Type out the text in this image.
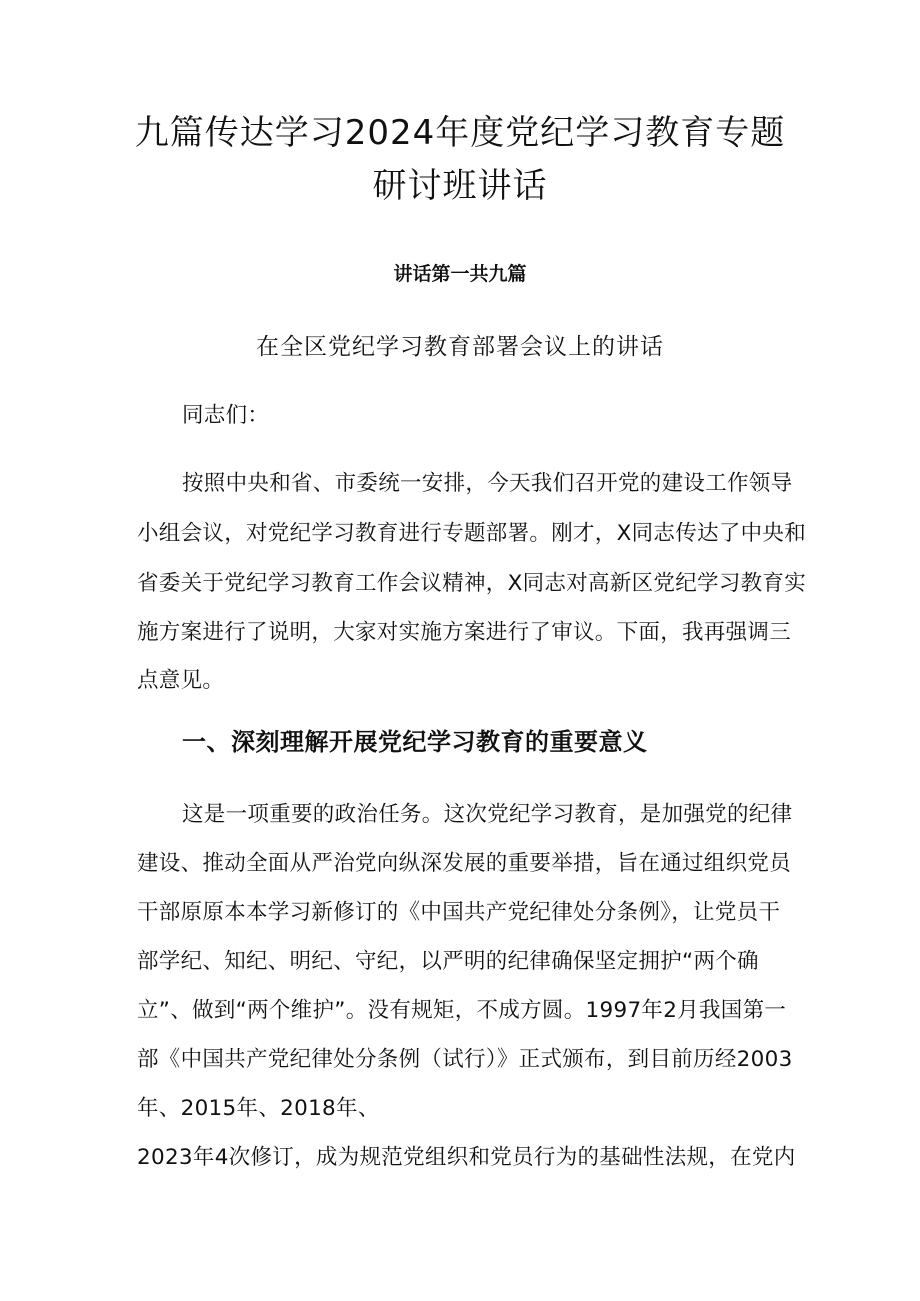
九篇传达学习2024年度党纪学习教育专题
研讨班讲话

讲话第一共九篇

在全区党纪学习教育部署会议上的讲话

同志们：

按照中央和省、市委统一安排，今天我们召开党的建设工作领导

小组会议，对党纪学习教育进行专题部署。刚才，X同志传达了中央和

省委关于党纪学习教育工作会议精神，X同志对高新区党纪学习教育实

施方案进行了说明，大家对实施方案进行了审议。下面，我再强调三

点意见。

一、深刻理解开展党纪学习教育的重要意义

这是一项重要的政治任务。这次党纪学习教育，是加强党的纪律

建设、推动全面从严治党向纵深发展的重要举措，旨在通过组织党员

干部原原本本学习新修订的《中国共产党纪律处分条例》，让党员干

部学纪、知纪、明纪、守纪，以严明的纪律确保坚定拥护“两个确

立”、做到“两个维护”。没有规矩，不成方圆。1997年2月我国第一

部《中国共产党纪律处分条例（试行）》正式颁布，到目前历经2003

年、2015年、2018年、

2023年4次修订，成为规范党组织和党员行为的基础性法规，在党内
